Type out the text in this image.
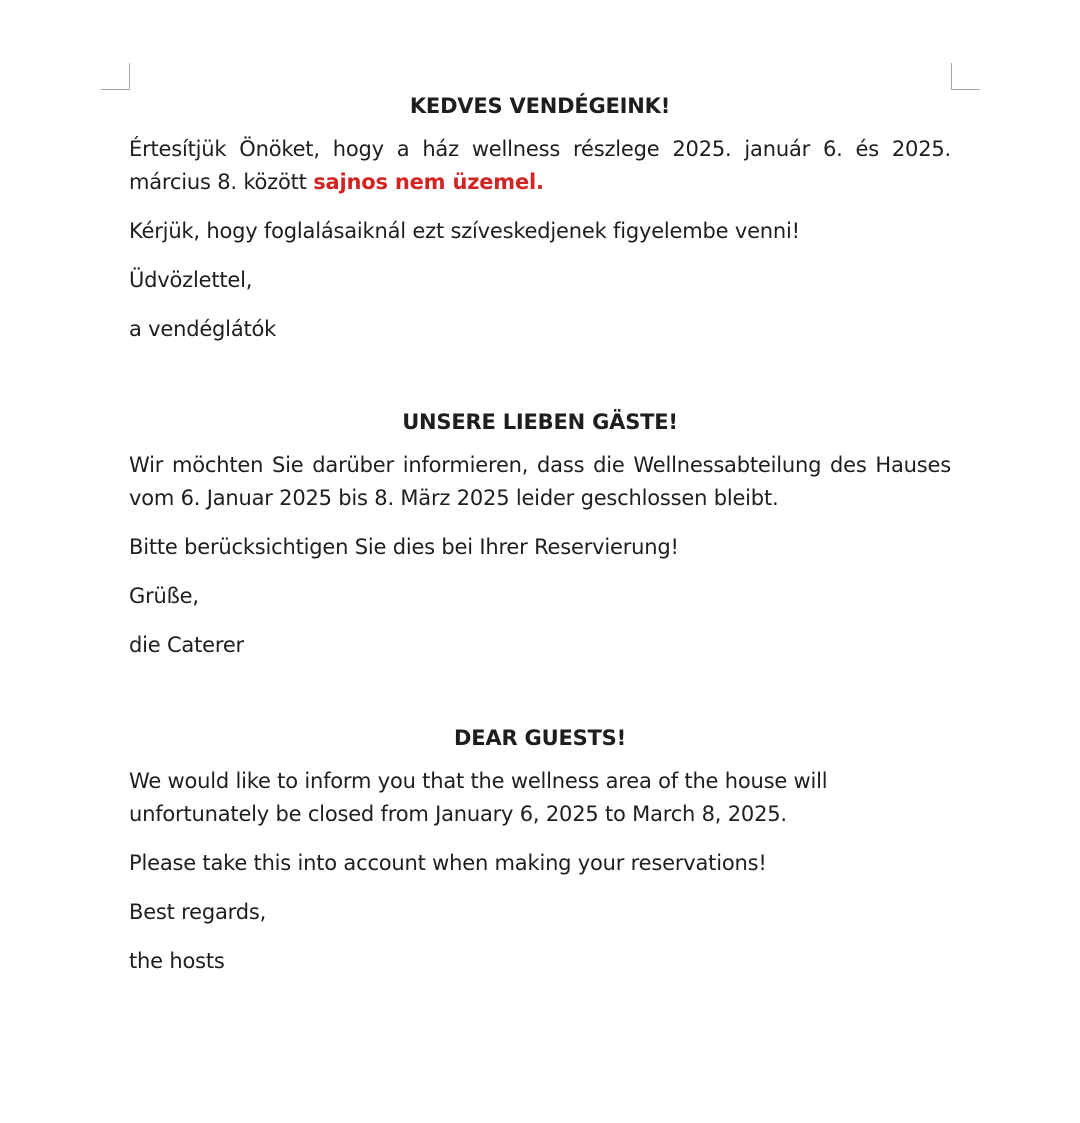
KEDVES VENDÉGEINK!

Értesítjük Önöket, hogy a ház wellness részlege 2025. január 6. és 2025. március 8. között sajnos nem üzemel.

Kérjük, hogy foglalásaiknál ezt szíveskedjenek figyelembe venni!

Üdvözlettel,

a vendéglátók

UNSERE LIEBEN GÄSTE!

Wir möchten Sie darüber informieren, dass die Wellnessabteilung des Hauses vom 6. Januar 2025 bis 8. März 2025 leider geschlossen bleibt.

Bitte berücksichtigen Sie dies bei Ihrer Reservierung!

Grüße,

die Caterer

DEAR GUESTS!

We would like to inform you that the wellness area of the house will unfortunately be closed from January 6, 2025 to March 8, 2025.

Please take this into account when making your reservations!

Best regards,

the hosts
